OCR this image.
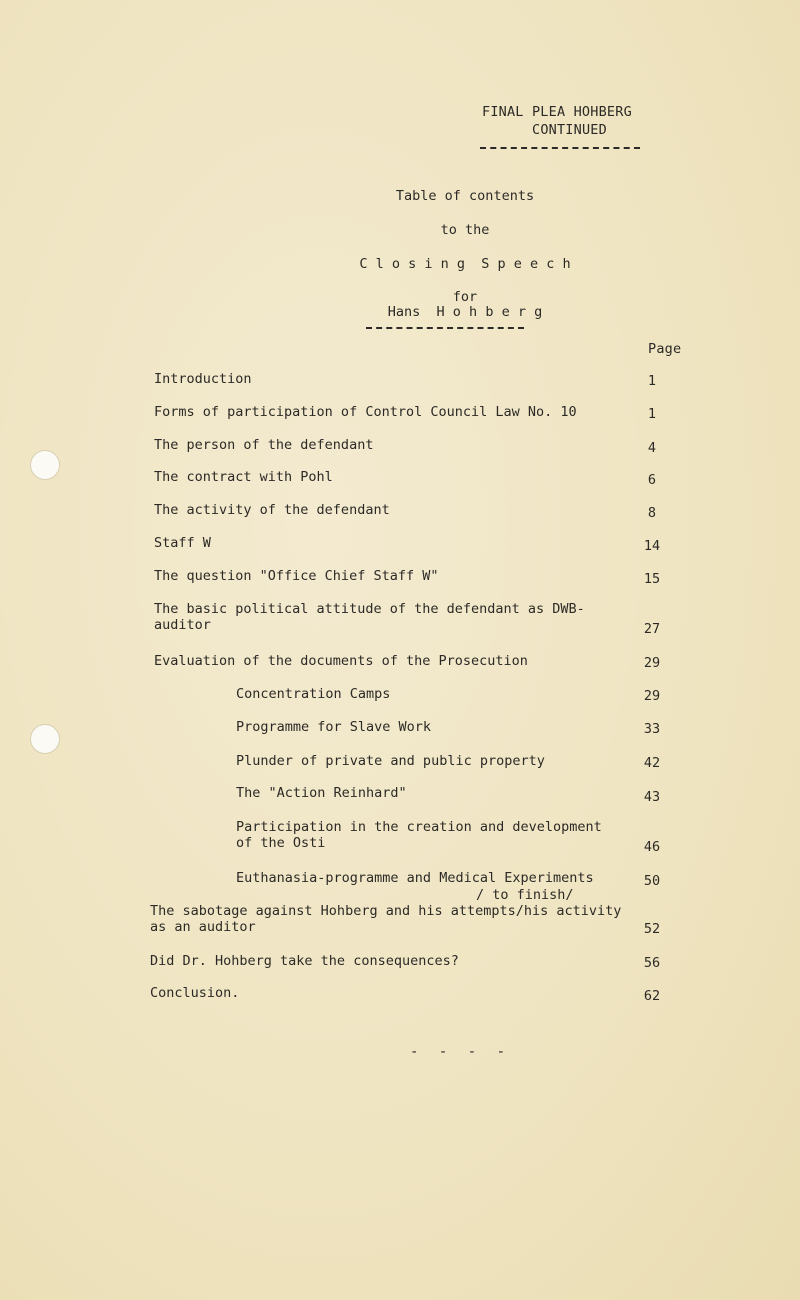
FINAL PLEA HOHBERG
CONTINUED
Table of contents
to the
C l o s i n g  S p e e c h
for
Hans  H o h b e r g
Page
Introduction	1
Forms of participation of Control Council Law No. 10	1
The person of the defendant	4
The contract with Pohl	6
The activity of the defendant	8
Staff W	14
The question "Office Chief Staff W"	15
The basic political attitude of the defendant as DWB-
auditor	27
Evaluation of the documents of the Prosecution	29
Concentration Camps	29
Programme for Slave Work	33
Plunder of private and public property	42
The "Action Reinhard"	43
Participation in the creation and development
of the Osti	46
Euthanasia-programme and Medical Experiments	50
/ to finish/
The sabotage against Hohberg and his attempts/his activity
as an auditor	52
Did Dr. Hohberg take the consequences?	56
Conclusion.	62
- - - -
